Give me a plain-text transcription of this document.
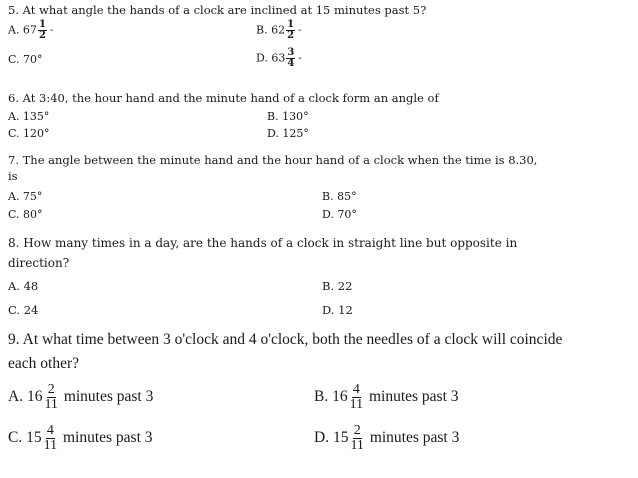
5. At what angle the hands of a clock are inclined at 15 minutes past 5?
A. $67 \frac{1}{2}$ -	B. $62 \frac{1}{2}$ -
C. 70°	D. $63 \frac{3}{4}$ -
6. At 3:40, the hour hand and the minute hand of a clock form an angle of
A. 135°	B. 130°
C. 120°	D. 125°
7. The angle between the minute hand and the hour hand of a clock when the time is 8.30,
is
A. 75°	B. 85°
C. 80°	D. 70°
8. How many times in a day, are the hands of a clock in straight line but opposite in
direction?
A. 48	B. 22
C. 24	D. 12
9. At what time between 3 o'clock and 4 o'clock, both the needles of a clock will coincide
each other?
A. $16 \frac{2}{11}$ minutes past 3	B. $16 \frac{4}{11}$ minutes past 3
C. $15 \frac{4}{11}$ minutes past 3	D. $15 \frac{2}{11}$ minutes past 3
